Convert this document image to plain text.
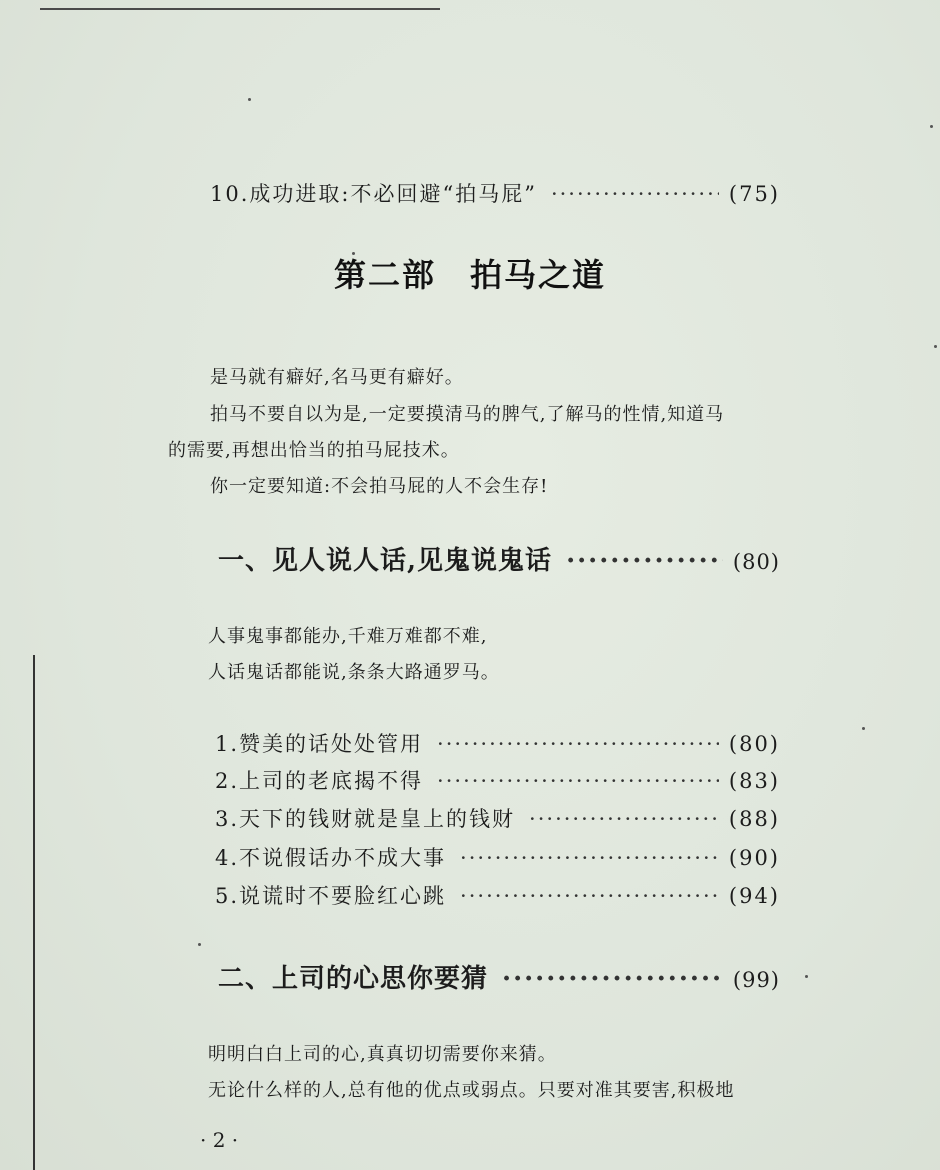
10.成功进取:不必回避“拍马屁” ·····	(75)
第二部　拍马之道
是马就有癖好,名马更有癖好。
拍马不要自以为是,一定要摸清马的脾气,了解马的性情,知道马
的需要,再想出恰当的拍马屁技术。
你一定要知道:不会拍马屁的人不会生存!
一、见人说人话,见鬼说鬼话 ·····	(80)
人事鬼事都能办,千难万难都不难,
人话鬼话都能说,条条大路通罗马。
1.赞美的话处处管用 ·····	(80)
2.上司的老底揭不得 ·····	(83)
3.天下的钱财就是皇上的钱财 ·····	(88)
4.不说假话办不成大事 ·····	(90)
5.说谎时不要脸红心跳 ·····	(94)
二、上司的心思你要猜 ·····	(99)
明明白白上司的心,真真切切需要你来猜。
无论什么样的人,总有他的优点或弱点。只要对准其要害,积极地
· 2 ·
